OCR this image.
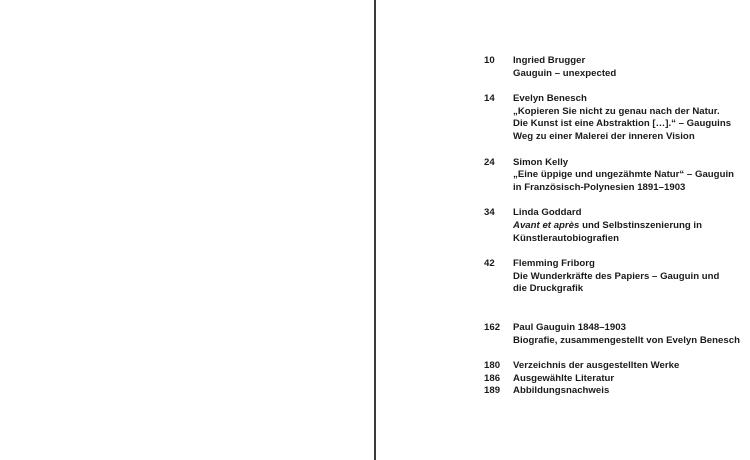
10 Ingried Brugger
Gauguin – unexpected
14 Evelyn Benesch
„Kopieren Sie nicht zu genau nach der Natur.
Die Kunst ist eine Abstraktion […].“ – Gauguins
Weg zu einer Malerei der inneren Vision
24 Simon Kelly
„Eine üppige und ungezähmte Natur“ – Gauguin
in Französisch-Polynesien 1891–1903
34 Linda Goddard
Avant et après und Selbstinszenierung in
Künstlerautobiografien
42 Flemming Friborg
Die Wunderkräfte des Papiers – Gauguin und
die Druckgrafik
162 Paul Gauguin 1848–1903
Biografie, zusammengestellt von Evelyn Benesch
180 Verzeichnis der ausgestellten Werke
186 Ausgewählte Literatur
189 Abbildungsnachweis
